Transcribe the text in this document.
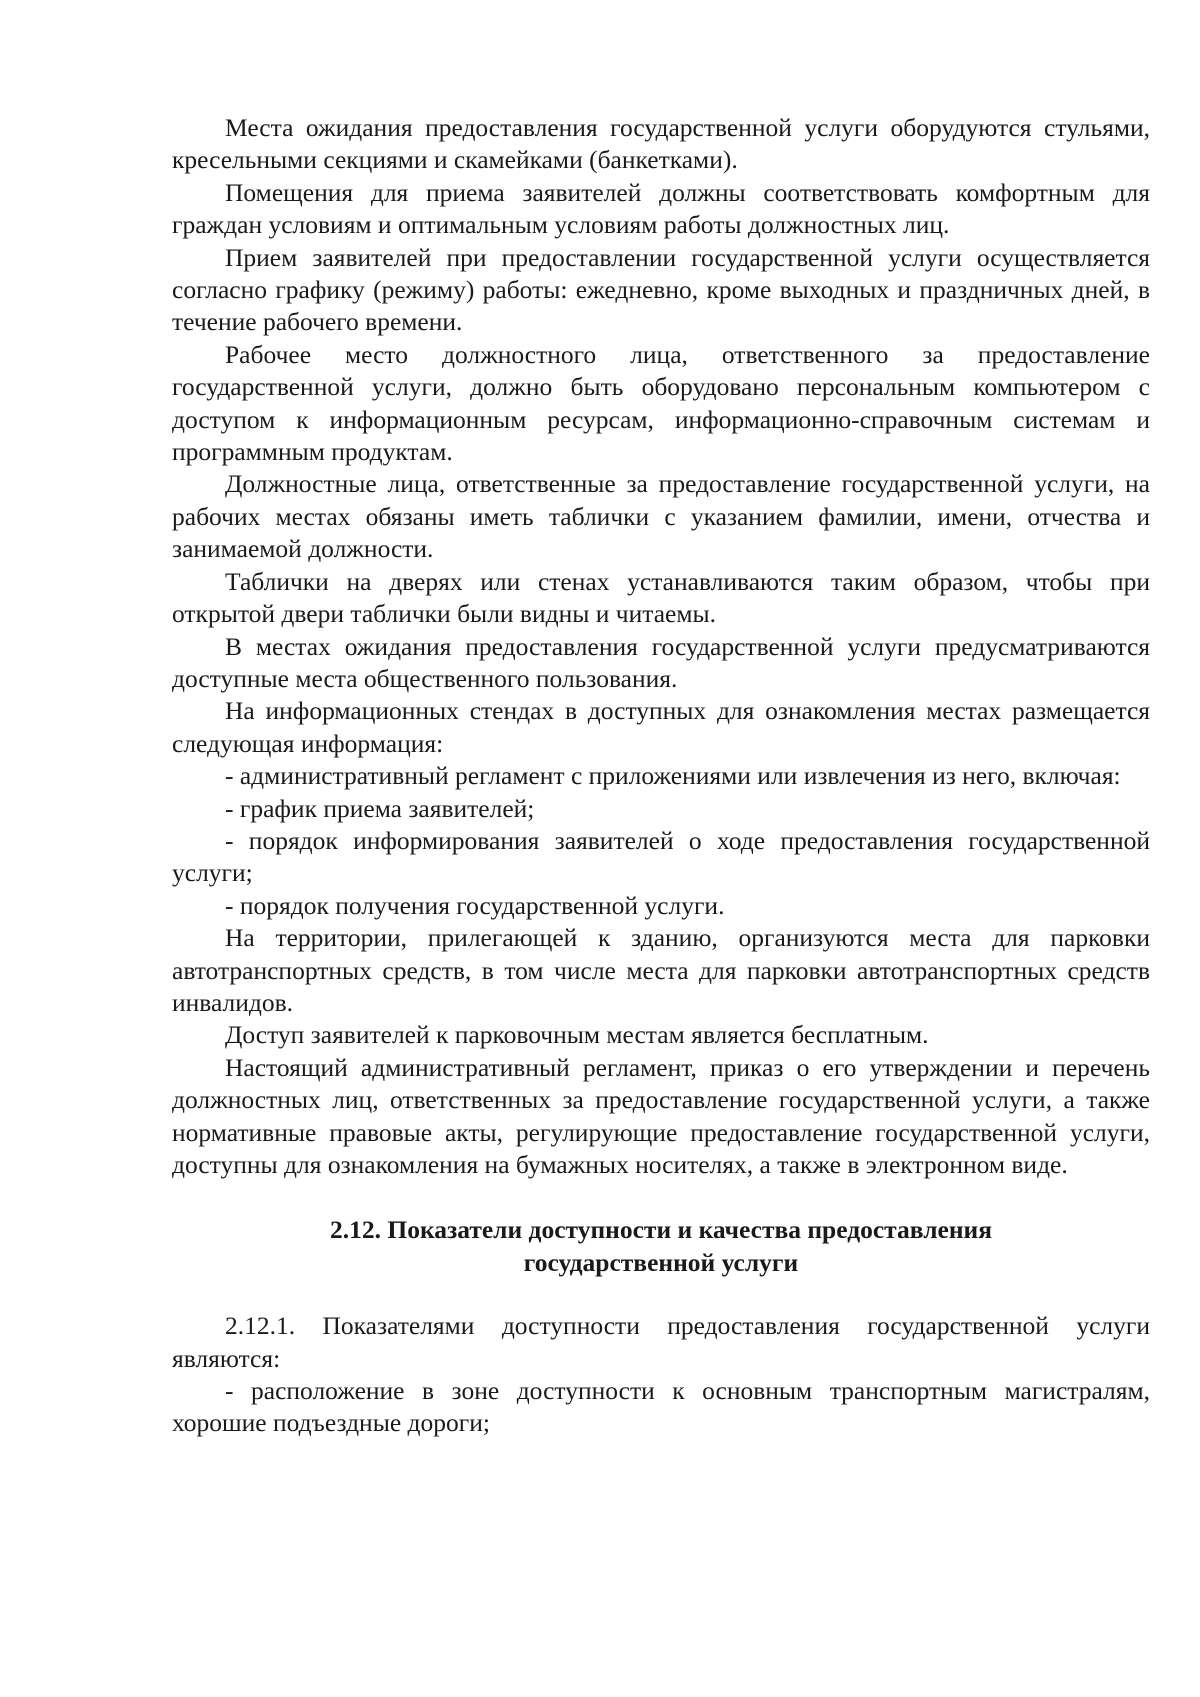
Места ожидания предоставления государственной услуги оборудуются стульями, кресельными секциями и скамейками (банкетками).

Помещения для приема заявителей должны соответствовать комфортным для граждан условиям и оптимальным условиям работы должностных лиц.

Прием заявителей при предоставлении государственной услуги осуществляется согласно графику (режиму) работы: ежедневно, кроме выходных и праздничных дней, в течение рабочего времени.

Рабочее место должностного лица, ответственного за предоставление государственной услуги, должно быть оборудовано персональным компьютером с доступом к информационным ресурсам, информационно-справочным системам и программным продуктам.

Должностные лица, ответственные за предоставление государственной услуги, на рабочих местах обязаны иметь таблички с указанием фамилии, имени, отчества и занимаемой должности.

Таблички на дверях или стенах устанавливаются таким образом, чтобы при открытой двери таблички были видны и читаемы.

В местах ожидания предоставления государственной услуги предусматриваются доступные места общественного пользования.

На информационных стендах в доступных для ознакомления местах размещается следующая информация:

- административный регламент с приложениями или извлечения из него, включая:

- график приема заявителей;

- порядок информирования заявителей о ходе предоставления государственной услуги;

- порядок получения государственной услуги.

На территории, прилегающей к зданию, организуются места для парковки автотранспортных средств, в том числе места для парковки автотранспортных средств инвалидов.

Доступ заявителей к парковочным местам является бесплатным.

Настоящий административный регламент, приказ о его утверждении и перечень должностных лиц, ответственных за предоставление государственной услуги, а также нормативные правовые акты, регулирующие предоставление государственной услуги, доступны для ознакомления на бумажных носителях, а также в электронном виде.

2.12. Показатели доступности и качества предоставления
государственной услуги

2.12.1. Показателями доступности предоставления государственной услуги являются:

- расположение в зоне доступности к основным транспортным магистралям, хорошие подъездные дороги;
